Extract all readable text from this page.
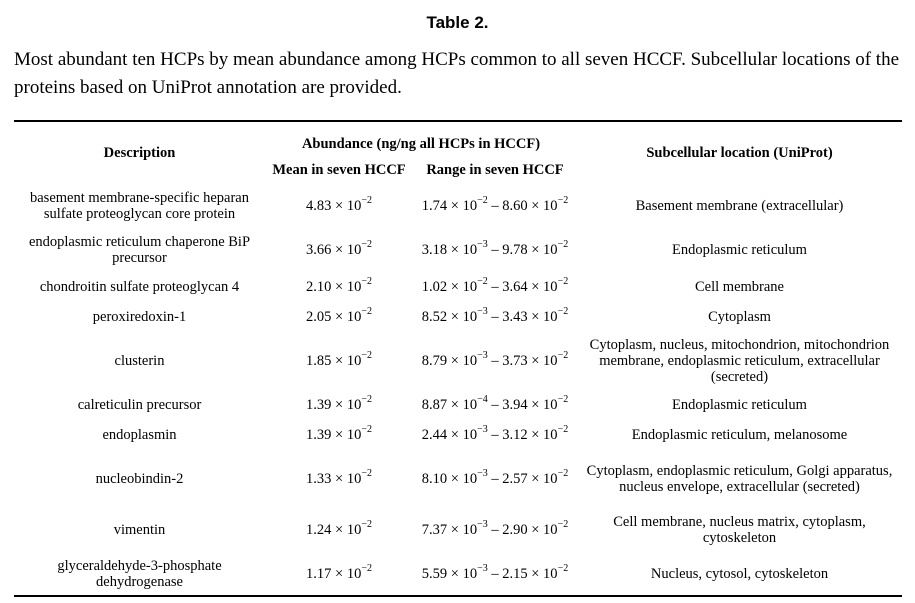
Table 2.
Most abundant ten HCPs by mean abundance among HCPs common to all seven HCCF. Subcellular locations of the proteins based on UniProt annotation are provided.
Description	Abundance (ng/ng all HCPs in HCCF)		Subcellular location (UniProt)
	Mean in seven HCCF	Range in seven HCCF	
basement membrane-specific heparan sulfate proteoglycan core protein	$4.83 \times 10^{-2}$	$1.74 \times 10^{-2} - 8.60 \times 10^{-2}$	Basement membrane (extracellular)
endoplasmic reticulum chaperone BiP precursor	$3.66 \times 10^{-2}$	$3.18 \times 10^{-3} - 9.78 \times 10^{-2}$	Endoplasmic reticulum
chondroitin sulfate proteoglycan 4	$2.10 \times 10^{-2}$	$1.02 \times 10^{-2} - 3.64 \times 10^{-2}$	Cell membrane
peroxiredoxin-1	$2.05 \times 10^{-2}$	$8.52 \times 10^{-3} - 3.43 \times 10^{-2}$	Cytoplasm
clusterin	$1.85 \times 10^{-2}$	$8.79 \times 10^{-3} - 3.73 \times 10^{-2}$	Cytoplasm, nucleus, mitochondrion, mitochondrion membrane, endoplasmic reticulum, extracellular (secreted)
calreticulin precursor	$1.39 \times 10^{-2}$	$8.87 \times 10^{-4} - 3.94 \times 10^{-2}$	Endoplasmic reticulum
endoplasmin	$1.39 \times 10^{-2}$	$2.44 \times 10^{-3} - 3.12 \times 10^{-2}$	Endoplasmic reticulum, melanosome
nucleobindin-2	$1.33 \times 10^{-2}$	$8.10 \times 10^{-3} - 2.57 \times 10^{-2}$	Cytoplasm, endoplasmic reticulum, Golgi apparatus, nucleus envelope, extracellular (secreted)
vimentin	$1.24 \times 10^{-2}$	$7.37 \times 10^{-3} - 2.90 \times 10^{-2}$	Cell membrane, nucleus matrix, cytoplasm, cytoskeleton
glyceraldehyde-3-phosphate dehydrogenase	$1.17 \times 10^{-2}$	$5.59 \times 10^{-3} - 2.15 \times 10^{-2}$	Nucleus, cytosol, cytoskeleton
